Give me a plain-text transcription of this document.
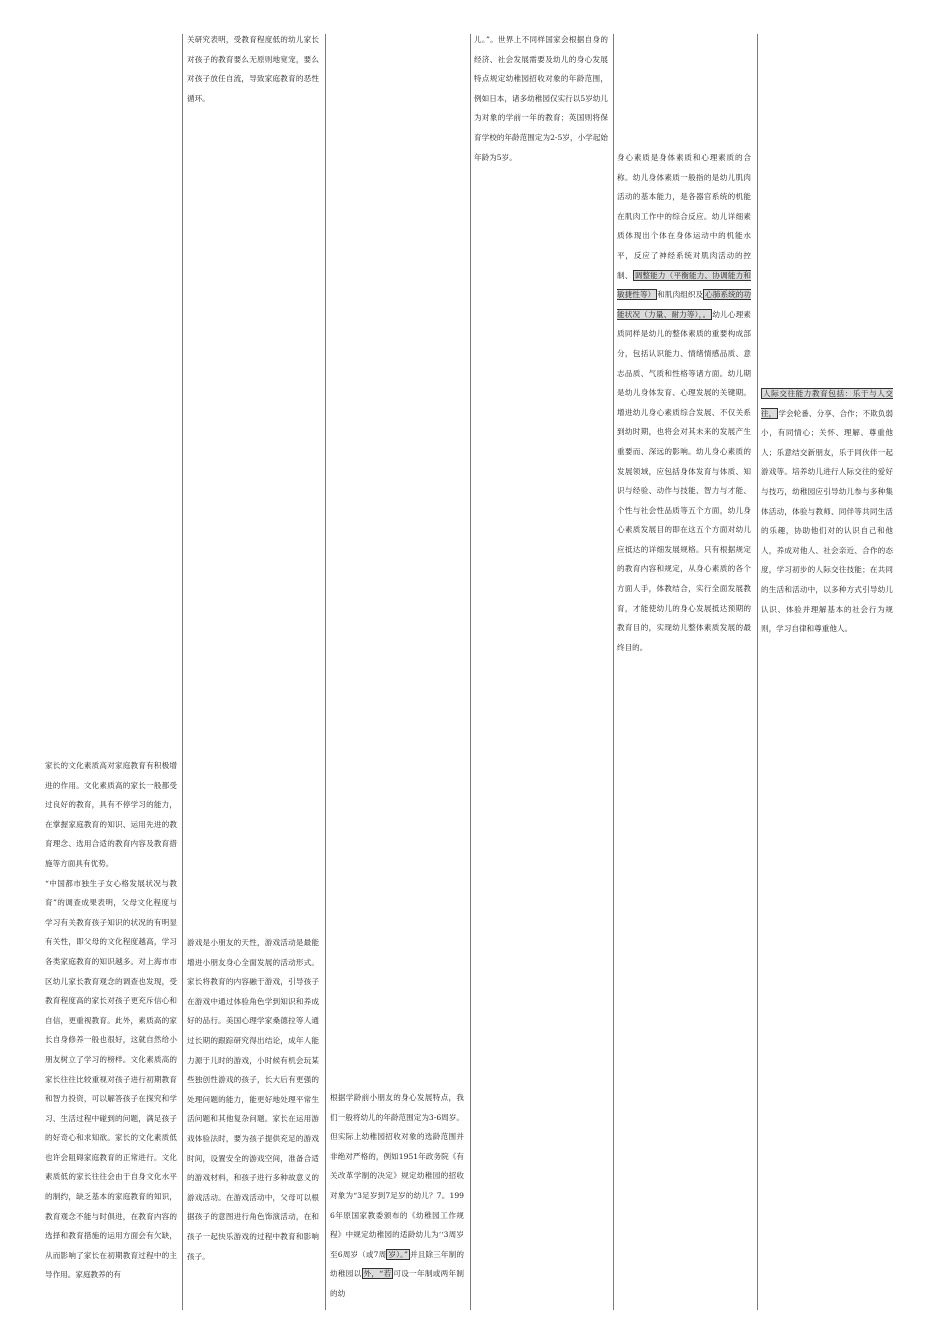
关研究表明，受教育程度低的幼儿家长对孩子的教育要么无原则地宽宠，要么对孩子放任自流，导致家庭教育的恶性循环。

儿。”。世界上不同样国家会根据自身的经济、社会发展需要及幼儿的身心发展特点规定幼稚园招收对象的年龄范围，例如日本，诸多幼稚园仅实行以5岁幼儿为对象的学前一年的教育；英国则将保育学校的年龄范围定为2-5岁，小学起始年龄为5岁。	身心素质是身体素质和心理素质的合称。幼儿身体素质一般指的是幼儿肌肉活动的基本能力，是各器官系统的机能在肌肉工作中的综合反应。幼儿详细素质体现出个体在身体运动中的机能水平，反应了神经系统对肌肉活动的控制、 调整能力（平衡能力、协调能力和敏捷性等） 和肌肉组织及 心肺系统的功能状况（力量、耐力等），。 幼儿心理素质同样是幼儿的整体素质的重要构成部分，包括认识能力、情绪情感品质、意志品质、气质和性格等诸方面。幼儿期是幼儿身体发育、心理发展的关键期。增进幼儿身心素质综合发展、不仅关系到幼时期，也将会对其未来的发展产生重要而、深远的影响。幼儿身心素质的发展领域，应包括身体发育与体质、知识与经验、动作与技能、智力与才能、个性与社会性品质等五个方面，幼儿身心素质发展目的即在这五个方面对幼儿应抵达的详细发展规格。只有根据规定的教育内容和规定，从身心素质的各个方面人手，体教结合，实行全面发展教育，才能使幼儿的身心发展抵达预期的教育目的，实现幼儿整体素质发展的最终目的。

人际交往能力教育包括：乐于与人交往， 学会轮番、分享、合作；不欺负弱小，有同情心；关怀、理解、尊重他人；乐意结交新朋友，乐于同伙伴一起游戏等。培养幼儿进行人际交往的爱好与技巧，幼稚园应引导幼儿参与多种集体活动，体验与教师、同伴等共同生活的乐趣，协助他们对的认识自己和他人，养成对他人、社会亲近、合作的态度，学习初步的人际交往技能；在共同的生活和活动中，以多种方式引导幼儿认识、体验并理解基本的社会行为规则，学习自律和尊重他人。

家长的文化素质高对家庭教育有积极增进的作用。文化素质高的家长一般都受过良好的教育，具有不停学习的能力，在掌握家庭教育的知识、运用先进的教育理念、选用合适的教育内容及教育措施等方面具有优势。

“中国都市独生子女心格发展状况与教育”的调查成果表明，父母文化程度与学习有关教育孩子知识的状况的有明显有关性，即父母的文化程度越高，学习各类家庭教育的知识越多。对上海市市区幼儿家长教育观念的调查也发现，受教育程度高的家长对孩子更充斥信心和自信，更重视教育。此外，素质高的家长自身修养一般也很好，这就自然给小朋友树立了学习的榜样。文化素质高的家长往往比较重视对孩子进行初期教育和智力投资，可以解答孩子在探究和学习、生活过程中碰到的问题，满足孩子的好奇心和求知欲。家长的文化素质低也许会阻碍家庭教育的正常进行。文化素质低的家长往往会由于自身文化水平的制约，缺乏基本的家庭教育的知识，教育观念不能与时俱进，在教育内容的选择和教育措施的运用方面会有欠缺，从而影响了家长在初期教育过程中的主导作用。家庭教养的有

游戏是小朋友的天性，游戏活动是最能增进小朋友身心全面发展的活动形式。家长将教育的内容融于游戏，引导孩子在游戏中通过体验角色学到知识和养成好的品行。美国心理学家桑德拉等人通过长期的跟踪研究得出结论，成年人能力源于儿时的游戏，小时候有机会玩某些独创性游戏的孩子，长大后有更强的处理问题的能力，能更好地处理平常生活问题和其他复杂问题。家长在运用游戏体验法时，要为孩子提供充足的游戏时间，设置安全的游戏空间，准备合适的游戏材料，和孩子进行多种故意义的游戏活动。在游戏活动中，父母可以根据孩子的意图进行角色饰演活动，在和孩子一起快乐游戏的过程中教育和影响孩子。

根据学龄前小朋友的身心发展特点，我们一般将幼儿的年龄范围定为3-6周岁。但实际上幼稚园招收对象的选龄范围并非绝对严格的，例如1951年政务院《有关改革学制的决定》规定幼稚园的招收对象为“3足岁到7足岁的幼儿？7。1996年原国家教委颁布的《幼稚园工作规程》中规定幼稚园的适龄幼儿为‘‘3周岁至6周岁（或7周 岁）。” 并且除三年制的幼稚园以 外，“若 可设一年制或两年制的幼
